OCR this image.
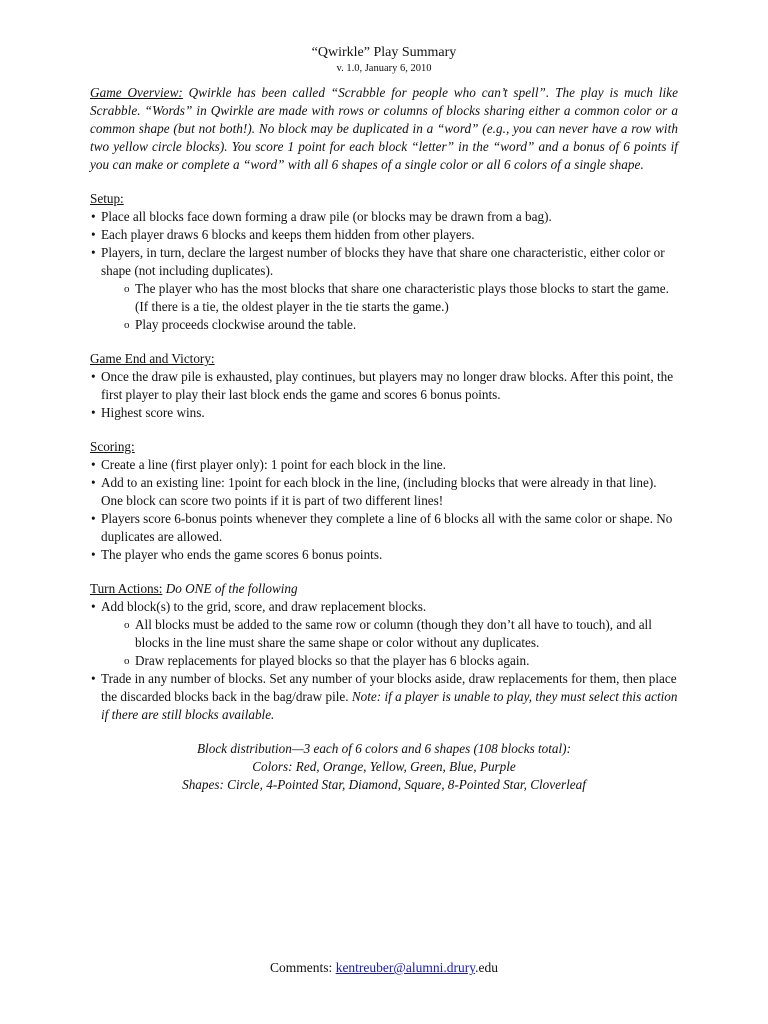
“Qwirkle” Play Summary

v. 1.0, January 6, 2010

Game Overview: Qwirkle has been called “Scrabble for people who can’t spell”. The play is much like Scrabble. “Words” in Qwirkle are made with rows or columns of blocks sharing either a common color or a common shape (but not both!). No block may be duplicated in a “word” (e.g., you can never have a row with two yellow circle blocks). You score 1 point for each block “letter” in the “word” and a bonus of 6 points if you can make or complete a “word” with all 6 shapes of a single color or all 6 colors of a single shape.

Setup:

• Place all blocks face down forming a draw pile (or blocks may be drawn from a bag).
• Each player draws 6 blocks and keeps them hidden from other players.
• Players, in turn, declare the largest number of blocks they have that share one characteristic, either color or shape (not including duplicates).
o The player who has the most blocks that share one characteristic plays those blocks to start the game. (If there is a tie, the oldest player in the tie starts the game.)
o Play proceeds clockwise around the table.

Game End and Victory:

• Once the draw pile is exhausted, play continues, but players may no longer draw blocks. After this point, the first player to play their last block ends the game and scores 6 bonus points.
• Highest score wins.

Scoring:

• Create a line (first player only): 1 point for each block in the line.
• Add to an existing line: 1point for each block in the line, (including blocks that were already in that line). One block can score two points if it is part of two different lines!
• Players score 6-bonus points whenever they complete a line of 6 blocks all with the same color or shape. No duplicates are allowed.
• The player who ends the game scores 6 bonus points.

Turn Actions: Do ONE of the following

• Add block(s) to the grid, score, and draw replacement blocks.
o All blocks must be added to the same row or column (though they don’t all have to touch), and all blocks in the line must share the same shape or color without any duplicates.
o Draw replacements for played blocks so that the player has 6 blocks again.
• Trade in any number of blocks. Set any number of your blocks aside, draw replacements for them, then place the discarded blocks back in the bag/draw pile. Note: if a player is unable to play, they must select this action if there are still blocks available.
Block distribution—3 each of 6 colors and 6 shapes (108 blocks total):
Colors: Red, Orange, Yellow, Green, Blue, Purple
Shapes: Circle, 4-Pointed Star, Diamond, Square, 8-Pointed Star, Cloverleaf
Comments: kentreuber@alumni.drury.edu
